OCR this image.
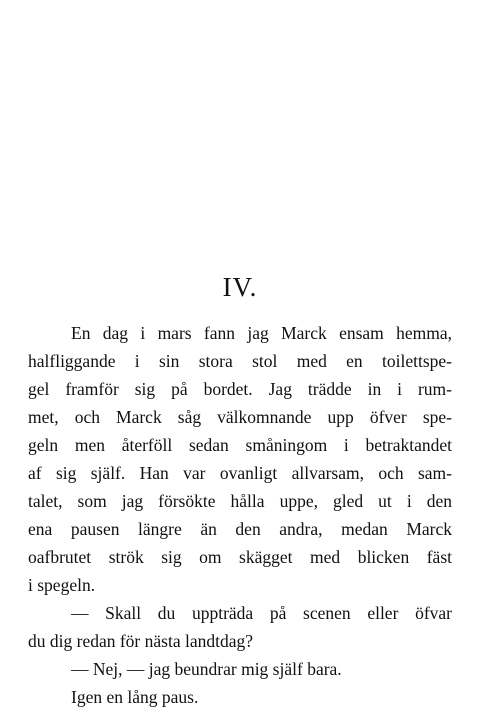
IV.
En dag i mars fann jag Marck ensam hemma,
halfliggande i sin stora stol med en toilettspe-
gel framför sig på bordet. Jag trädde in i rum-
met, och Marck såg välkomnande upp öfver spe-
geln men återföll sedan småningom i betraktandet
af sig själf. Han var ovanligt allvarsam, och sam-
talet, som jag försökte hålla uppe, gled ut i den
ena pausen längre än den andra, medan Marck
oafbrutet strök sig om skägget med blicken fäst
i spegeln.
— Skall du uppträda på scenen eller öfvar
du dig redan för nästa landtdag?
— Nej, — jag beundrar mig själf bara.
Igen en lång paus.
